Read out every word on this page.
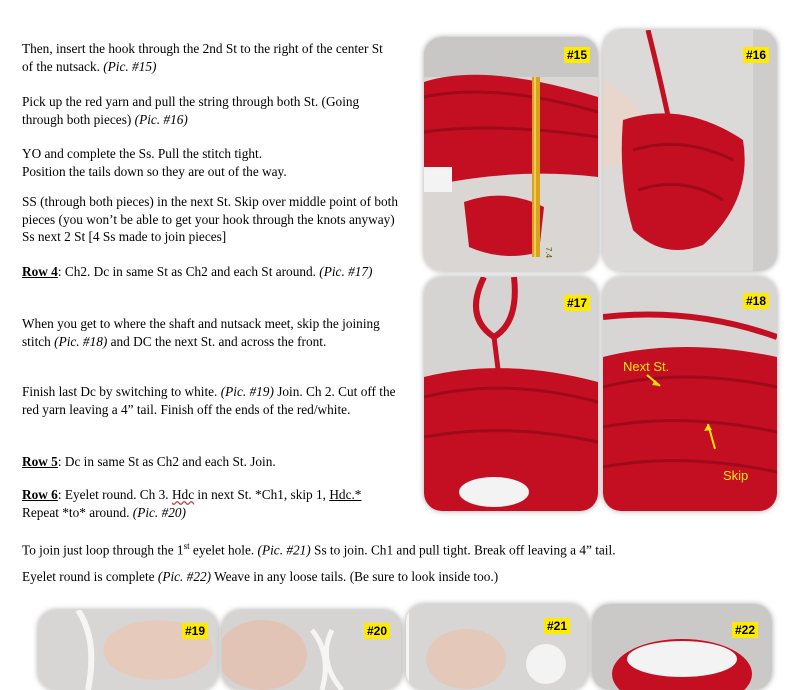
Then, insert the hook through the 2nd St to the right of the center St of the nutsack. (Pic. #15)

Pick up the red yarn and pull the string through both St. (Going through both pieces) (Pic. #16)

YO and complete the Ss. Pull the stitch tight.
Position the tails down so they are out of the way.

SS (through both pieces) in the next St. Skip over middle point of both pieces (you won’t be able to get your hook through the knots anyway) Ss next 2 St [4 Ss made to join pieces]

Row 4: Ch2. Dc in same St as Ch2 and each St around. (Pic. #17)

When you get to where the shaft and nutsack meet, skip the joining stitch (Pic. #18) and DC the next St. and across the front.

Finish last Dc by switching to white. (Pic. #19) Join. Ch 2. Cut off the red yarn leaving a 4” tail. Finish off the ends of the red/white.

Row 5: Dc in same St as Ch2 and each St. Join.

Row 6: Eyelet round. Ch 3. Hdc in next St. *Ch1, skip 1, Hdc.* Repeat *to* around. (Pic. #20)

To join just loop through the 1st eyelet hole. (Pic. #21) Ss to join. Ch1 and pull tight. Break off leaving a 4” tail.

Eyelet round is complete (Pic. #22) Weave in any loose tails. (Be sure to look inside too.)

7.4
#15	#16
#17	#18
Next St.
Skip
#19	#20	#21	#22
